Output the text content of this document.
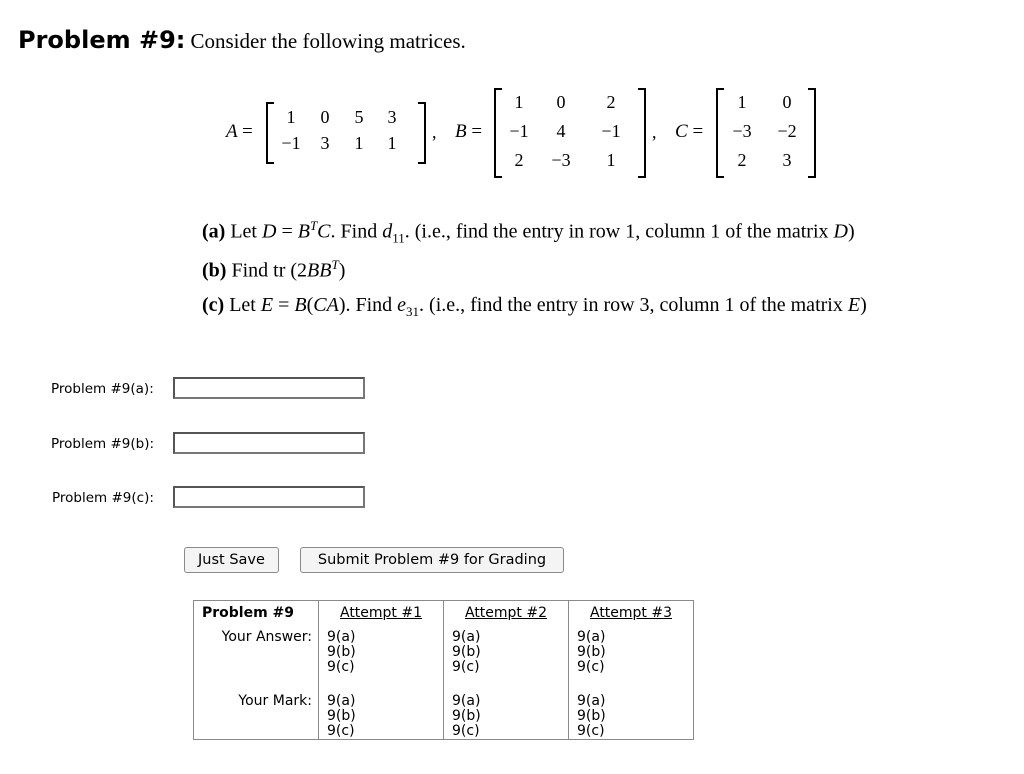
Problem #9: Consider the following matrices.
A =
1	0	5	3
−1	3	1	1
, B =
1	0	2
−1	4	−1
2	−3	1
, C =
1	0
−3	−2
2	3
(a) Let $D = B^TC$. Find $d_{11}$. (i.e., find the entry in row 1, column 1 of the matrix D)
(b) Find tr $(2BB^T)$
(c) Let E = B(CA). Find $e_{31}$. (i.e., find the entry in row 3, column 1 of the matrix E)
Problem #9(a):
Problem #9(b):
Problem #9(c):
Just Save	Submit Problem #9 for Grading
Problem #9	Attempt #1	Attempt #2	Attempt #3
Your Answer:	9(a)
9(b)
9(c)	9(a)
9(b)
9(c)	9(a)
9(b)
9(c)

Your Mark:	9(a)
9(b)
9(c)	9(a)
9(b)
9(c)	9(a)
9(b)
9(c)
